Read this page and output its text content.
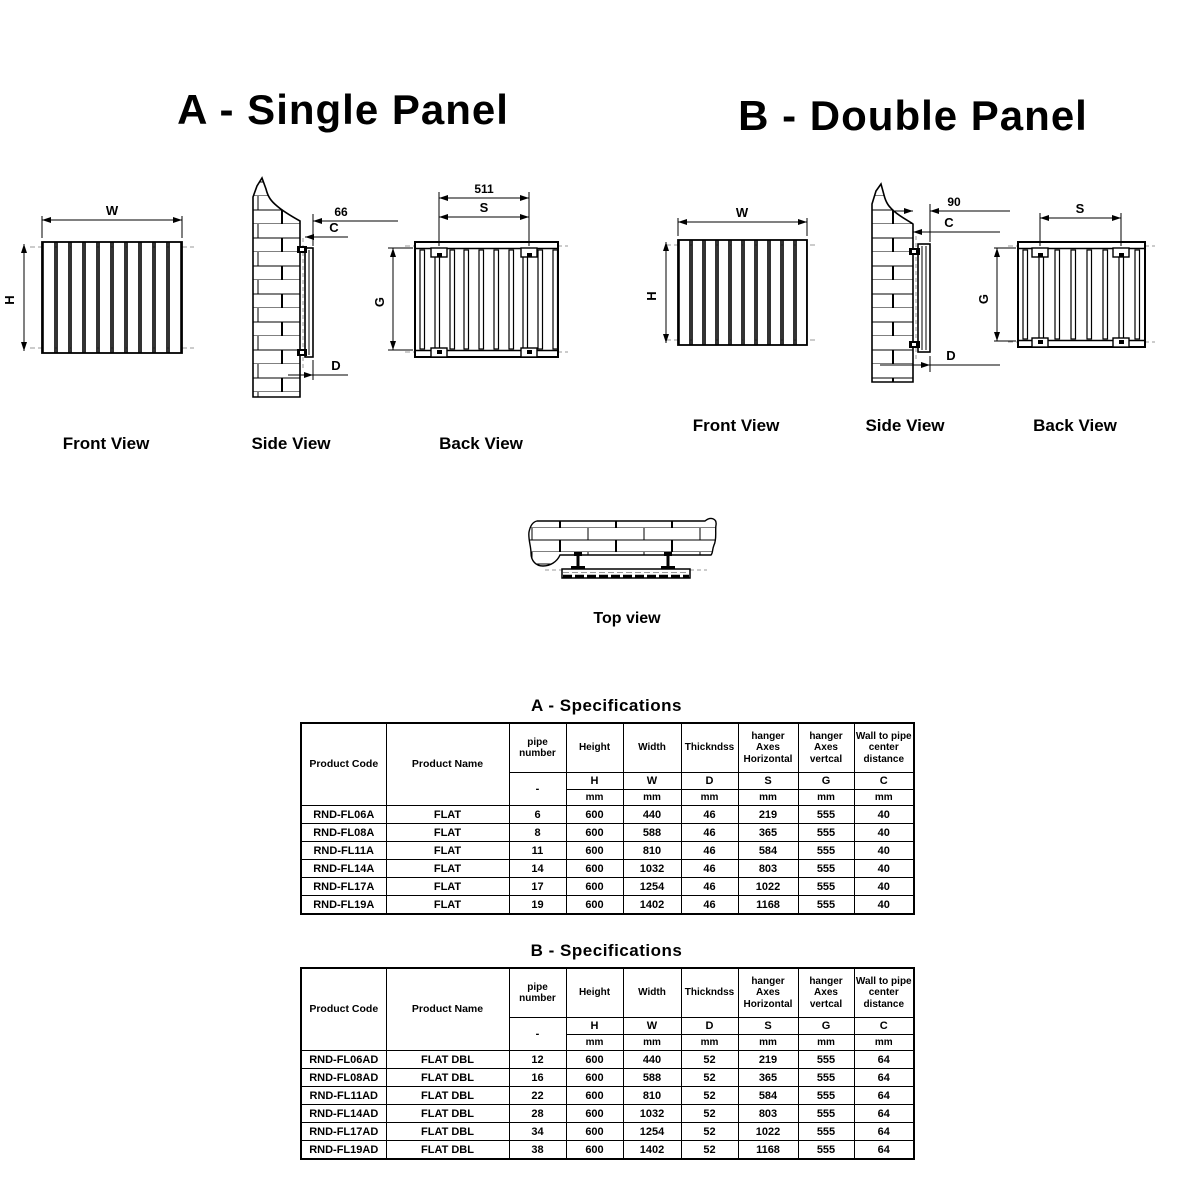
A - Single Panel	B - Double Panel
W
H
66
C
D
511
S
G
W
H
90
C
D
S
G
Front View	Side View	Back View
Front View	Side View	Back View
Top view
A - Specifications
Product Code	Product Name	pipe number	Height	Width	Thickndss	hanger Axes Horizontal	hanger Axes vertcal	Wall to pipe center distance
		-	H	W	D	S	G	C
			mm	mm	mm	mm	mm	mm
RND-FL06A	FLAT	6	600	440	46	219	555	40
RND-FL08A	FLAT	8	600	588	46	365	555	40
RND-FL11A	FLAT	11	600	810	46	584	555	40
RND-FL14A	FLAT	14	600	1032	46	803	555	40
RND-FL17A	FLAT	17	600	1254	46	1022	555	40
RND-FL19A	FLAT	19	600	1402	46	1168	555	40
B - Specifications
Product Code	Product Name	pipe number	Height	Width	Thickndss	hanger Axes Horizontal	hanger Axes vertcal	Wall to pipe center distance
		-	H	W	D	S	G	C
			mm	mm	mm	mm	mm	mm
RND-FL06AD	FLAT DBL	12	600	440	52	219	555	64
RND-FL08AD	FLAT DBL	16	600	588	52	365	555	64
RND-FL11AD	FLAT DBL	22	600	810	52	584	555	64
RND-FL14AD	FLAT DBL	28	600	1032	52	803	555	64
RND-FL17AD	FLAT DBL	34	600	1254	52	1022	555	64
RND-FL19AD	FLAT DBL	38	600	1402	52	1168	555	64
